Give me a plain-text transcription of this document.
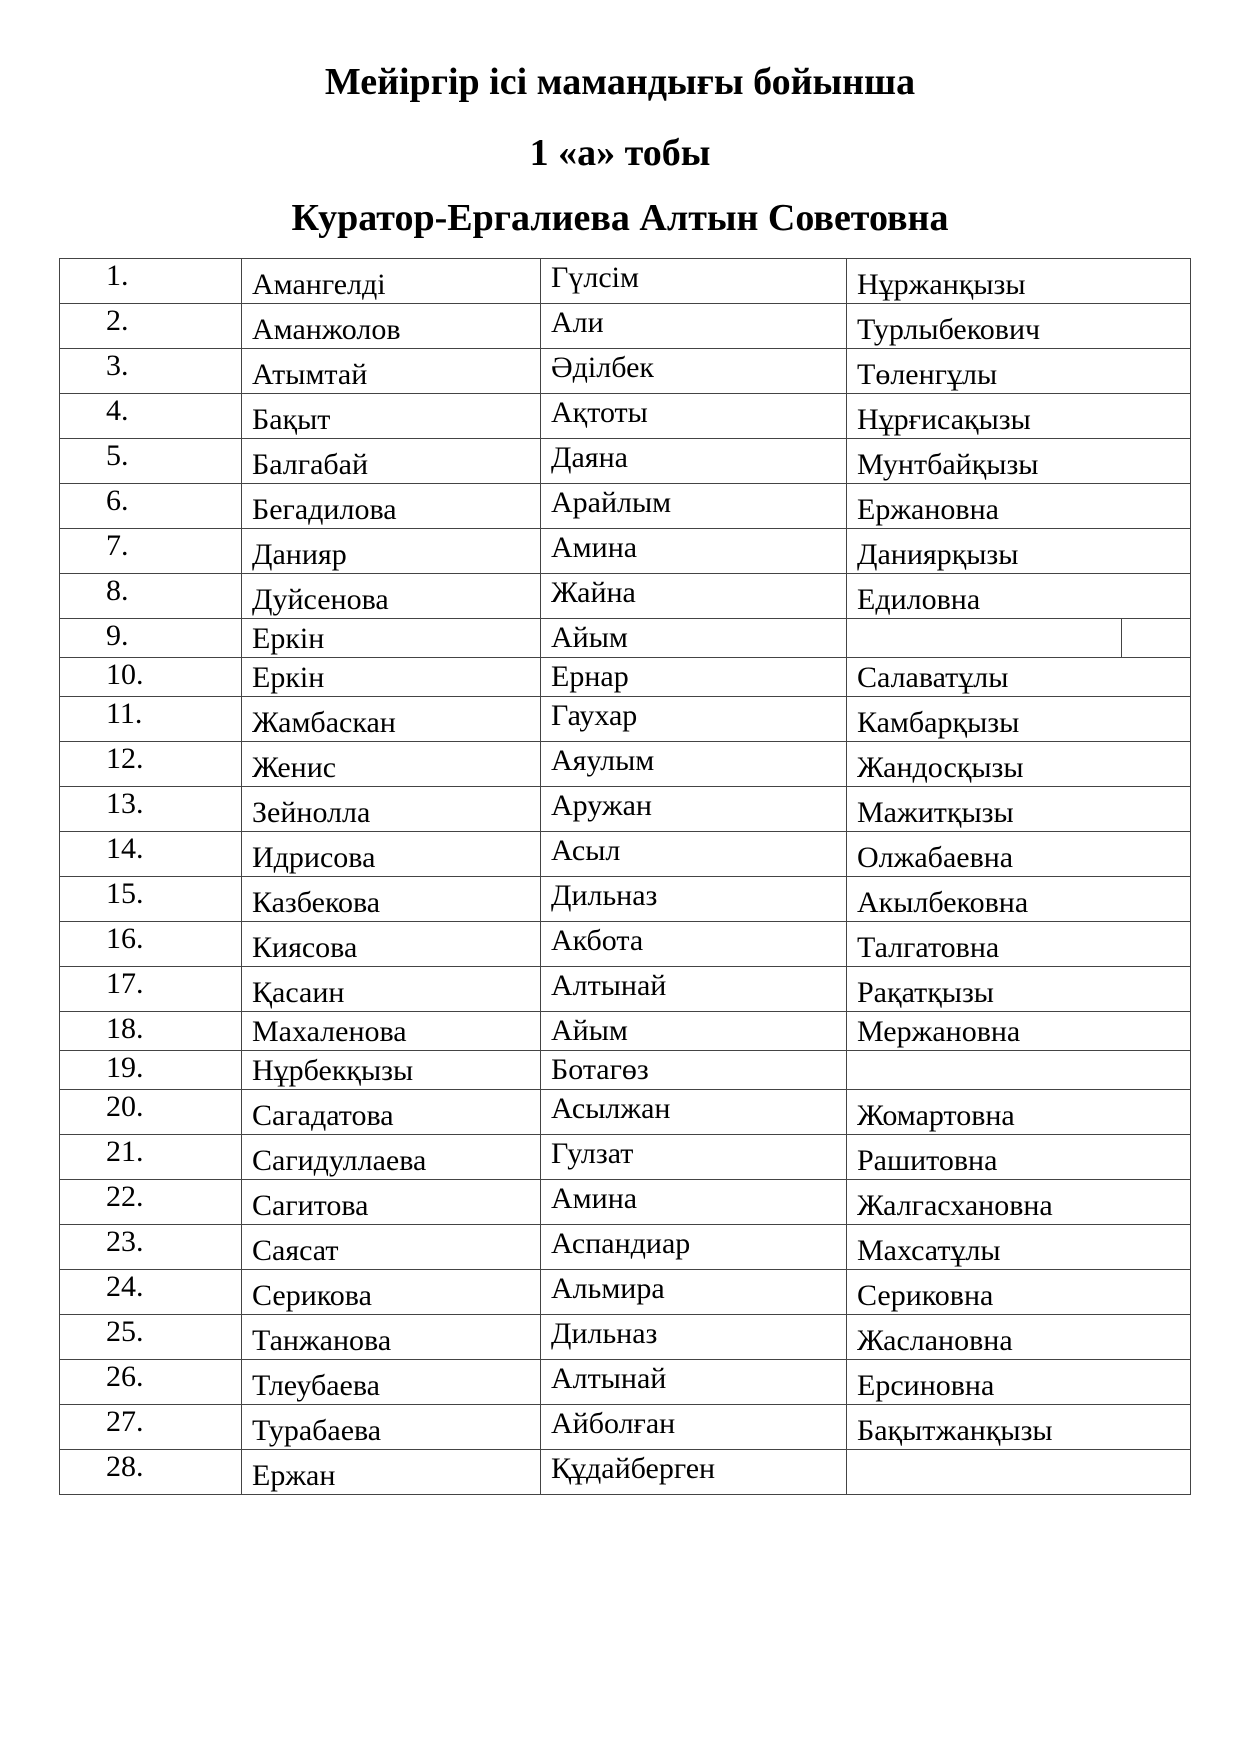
Мейіргір ісі мамандығы бойынша
1 «а» тобы
Куратор-Ергалиева Алтын Советовна
1.	Амангелді	Гүлсім	Нұржанқызы
2.	Аманжолов	Али	Турлыбекович
3.	Атымтай	Әділбек	Төленгұлы
4.	Бақыт	Ақтоты	Нұрғисақызы
5.	Балгабай	Даяна	Мунтбайқызы
6.	Бегадилова	Арайлым	Ержановна
7.	Данияр	Амина	Даниярқызы
8.	Дуйсенова	Жайна	Едиловна
9.	Еркін	Айым	

10.	Еркін	Ернар	Салаватұлы
11.	Жамбаскан	Гаухар	Камбарқызы
12.	Женис	Аяулым	Жандосқызы
13.	Зейнолла	Аружан	Мажитқызы
14.	Идрисова	Асыл	Олжабаевна
15.	Казбекова	Дильназ	Акылбековна
16.	Киясова	Акбота	Талгатовна
17.	Қасаин	Алтынай	Рақатқызы
18.	Махаленова	Айым	Мержановна
19.	Нұрбекқызы	Ботагөз	
20.	Сагадатова	Асылжан	Жомартовна
21.	Сагидуллаева	Гулзат	Рашитовна
22.	Сагитова	Амина	Жалгасхановна
23.	Саясат	Аспандиар	Махсатұлы
24.	Серикова	Альмира	Сериковна
25.	Танжанова	Дильназ	Жаслановна
26.	Тлеубаева	Алтынай	Ерсиновна
27.	Турабаева	Айболған	Бақытжанқызы
28.	Ержан	Құдайберген	
